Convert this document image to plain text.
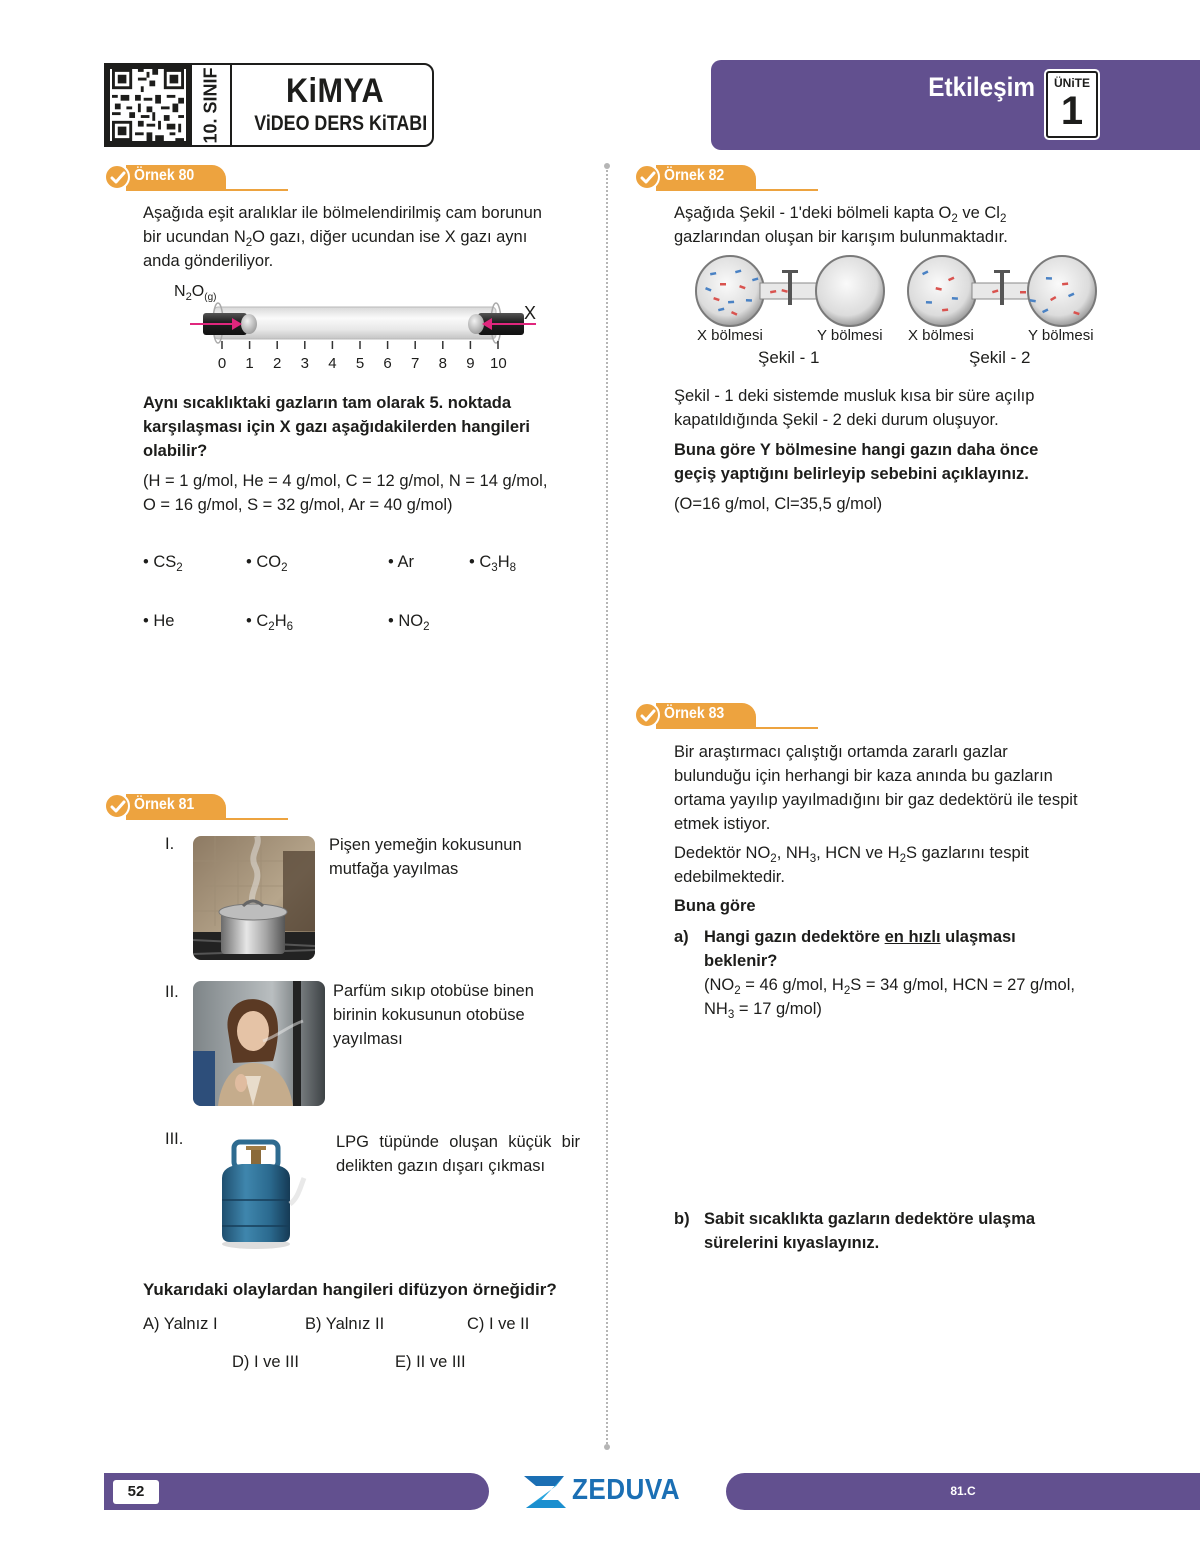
10. SINIF	KiMYA
ViDEO DERS KiTABI
Etkileşim	ÜNiTE
1
Örnek 80
Aşağıda eşit aralıklar ile bölmelendirilmiş cam borunun
bir ucundan $N_2O$ gazı, diğer ucundan ise X gazı aynı
anda gönderiliyor.
$N_2O_{(g)}$
X
0 1 2 3 4 5 6 7 8 9 10
Aynı sıcaklıktaki gazların tam olarak 5. noktada
karşılaşması için X gazı aşağıdakilerden hangileri
olabilir?
(H = 1 g/mol, He = 4 g/mol, C = 12 g/mol, N = 14 g/mol,
O = 16 g/mol, S = 32 g/mol, Ar = 40 g/mol)
• $CS_2$	• $CO_2$	• Ar	• $C_3H_8$
• He	• $C_2H_6$	• $NO_2$
Örnek 81
I.	Pişen yemeğin kokusunun
mutfağa yayılmas
II.	Parfüm sıkıp otobüse binen
birinin kokusunun otobüse
yayılması
III.	LPG tüpünde oluşan küçük bir
delikten gazın dışarı çıkması
Yukarıdaki olaylardan hangileri difüzyon örneğidir?
A) Yalnız I	B) Yalnız II	C) I ve II
D) I ve III	E) II ve III
Örnek 82
Aşağıda Şekil - 1'deki bölmeli kapta $O_2$ ve $Cl_2$
gazlarından oluşan bir karışım bulunmaktadır.
X bölmesi	Y bölmesi X bölmesi	Y bölmesi
Şekil - 1	Şekil - 2
Şekil - 1 deki sistemde musluk kısa bir süre açılıp
kapatıldığında Şekil - 2 deki durum oluşuyor.
Buna göre Y bölmesine hangi gazın daha önce
geçiş yaptığını belirleyip sebebini açıklayınız.
(O=16 g/mol, Cl=35,5 g/mol)
Örnek 83
Bir araştırmacı çalıştığı ortamda zararlı gazlar
bulunduğu için herhangi bir kaza anında bu gazların
ortama yayılıp yayılmadığını bir gaz dedektörü ile tespit
etmek istiyor.
Dedektör $NO_2$, $NH_3$, HCN ve $H_2S$ gazlarını tespit
edebilmektedir.
Buna göre
a) Hangi gazın dedektöre en hızlı ulaşması
beklenir?
($NO_2 = 46$ g/mol, $H_2S = 34$ g/mol, HCN = 27 g/mol,
$NH_3 = 17$ g/mol)
b) Sabit sıcaklıkta gazların dedektöre ulaşma
sürelerini kıyaslayınız.
52	ZEDUVA	81.C
